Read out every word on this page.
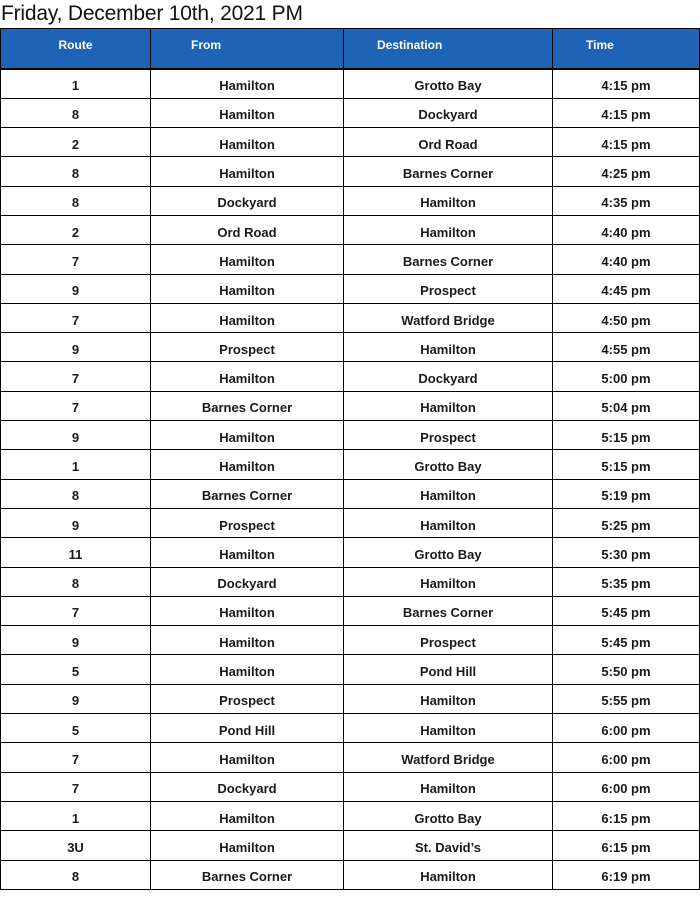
Friday, December 10th, 2021 PM
Route	From	Destination	Time
1	Hamilton	Grotto Bay	4:15 pm
8	Hamilton	Dockyard	4:15 pm
2	Hamilton	Ord Road	4:15 pm
8	Hamilton	Barnes Corner	4:25 pm
8	Dockyard	Hamilton	4:35 pm
2	Ord Road	Hamilton	4:40 pm
7	Hamilton	Barnes Corner	4:40 pm
9	Hamilton	Prospect	4:45 pm
7	Hamilton	Watford Bridge	4:50 pm
9	Prospect	Hamilton	4:55 pm
7	Hamilton	Dockyard	5:00 pm
7	Barnes Corner	Hamilton	5:04 pm
9	Hamilton	Prospect	5:15 pm
1	Hamilton	Grotto Bay	5:15 pm
8	Barnes Corner	Hamilton	5:19 pm
9	Prospect	Hamilton	5:25 pm
11	Hamilton	Grotto Bay	5:30 pm
8	Dockyard	Hamilton	5:35 pm
7	Hamilton	Barnes Corner	5:45 pm
9	Hamilton	Prospect	5:45 pm
5	Hamilton	Pond Hill	5:50 pm
9	Prospect	Hamilton	5:55 pm
5	Pond Hill	Hamilton	6:00 pm
7	Hamilton	Watford Bridge	6:00 pm
7	Dockyard	Hamilton	6:00 pm
1	Hamilton	Grotto Bay	6:15 pm
3U	Hamilton	St. David’s	6:15 pm
8	Barnes Corner	Hamilton	6:19 pm
